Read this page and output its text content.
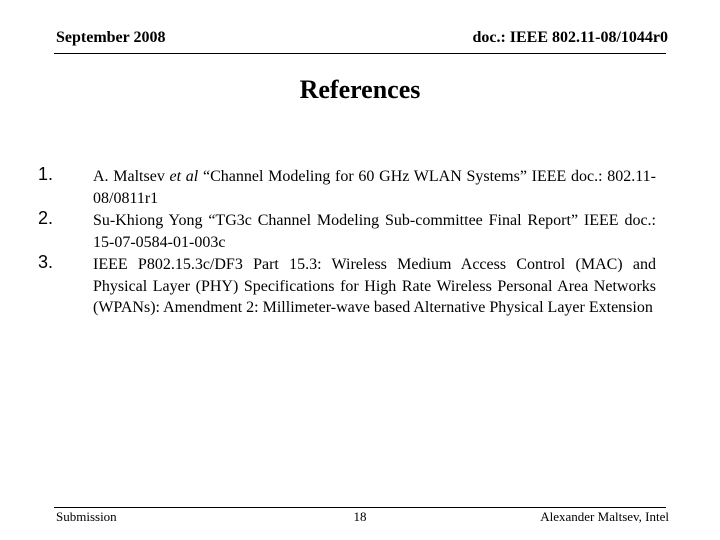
September 2008	doc.: IEEE 802.11-08/1044r0
References
1. A. Maltsev et al “Channel Modeling for 60 GHz WLAN Systems” IEEE doc.: 802.11-08/0811r1
2. Su-Khiong Yong “TG3c Channel Modeling Sub-committee Final Report” IEEE doc.: 15-07-0584-01-003c
3. IEEE P802.15.3c/DF3 Part 15.3: Wireless Medium Access Control (MAC) and Physical Layer (PHY) Specifications for High Rate Wireless Personal Area Networks (WPANs): Amendment 2: Millimeter-wave based Alternative Physical Layer Extension
Submission	18	Alexander Maltsev, Intel
